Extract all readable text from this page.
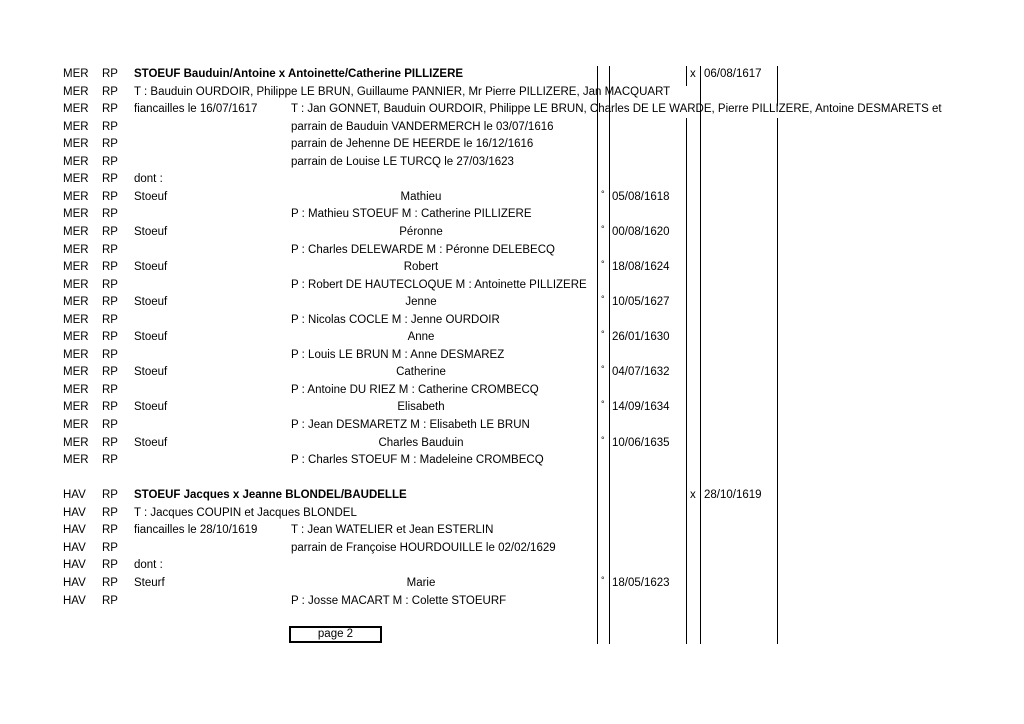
MER RP STOEUF Bauduin/Antoine x Antoinette/Catherine PILLIZERE	x 06/08/1617
MER RP T : Bauduin OURDOIR, Philippe LE BRUN, Guillaume PANNIER, Mr Pierre PILLIZERE, Jan MACQUART
MER RP fiancailles le 16/07/1617	T : Jan GONNET, Bauduin OURDOIR, Philippe LE BRUN, Charles DE LE WARDE, Pierre PILLIZERE, Antoine DESMARETS et
MER RP	parrain de Bauduin VANDERMERCH le 03/07/1616
MER RP	parrain de Jehenne DE HEERDE le 16/12/1616
MER RP	parrain de Louise LE TURCQ le 27/03/1623
MER RP dont :
MER RP Stoeuf	Mathieu	° 05/08/1618
MER RP	P : Mathieu STOEUF M : Catherine PILLIZERE
MER RP Stoeuf	Péronne	° 00/08/1620
MER RP	P : Charles DELEWARDE M : Péronne DELEBECQ
MER RP Stoeuf	Robert	° 18/08/1624
MER RP	P : Robert DE HAUTECLOQUE M : Antoinette PILLIZERE
MER RP Stoeuf	Jenne	° 10/05/1627
MER RP	P : Nicolas COCLE M : Jenne OURDOIR
MER RP Stoeuf	Anne	° 26/01/1630
MER RP	P : Louis LE BRUN M : Anne DESMAREZ
MER RP Stoeuf	Catherine	° 04/07/1632
MER RP	P : Antoine DU RIEZ M : Catherine CROMBECQ
MER RP Stoeuf	Elisabeth	° 14/09/1634
MER RP	P : Jean DESMARETZ M : Elisabeth LE BRUN
MER RP Stoeuf	Charles Bauduin	° 10/06/1635
MER RP	P : Charles STOEUF M : Madeleine CROMBECQ
HAV RP STOEUF Jacques x Jeanne BLONDEL/BAUDELLE	x 28/10/1619
HAV RP T : Jacques COUPIN et Jacques BLONDEL
HAV RP fiancailles le 28/10/1619	T : Jean WATELIER et Jean ESTERLIN
HAV RP	parrain de Françoise HOURDOUILLE le 02/02/1629
HAV RP dont :
HAV RP Steurf	Marie	° 18/05/1623
HAV RP	P : Josse MACART M : Colette STOEURF
page 2
